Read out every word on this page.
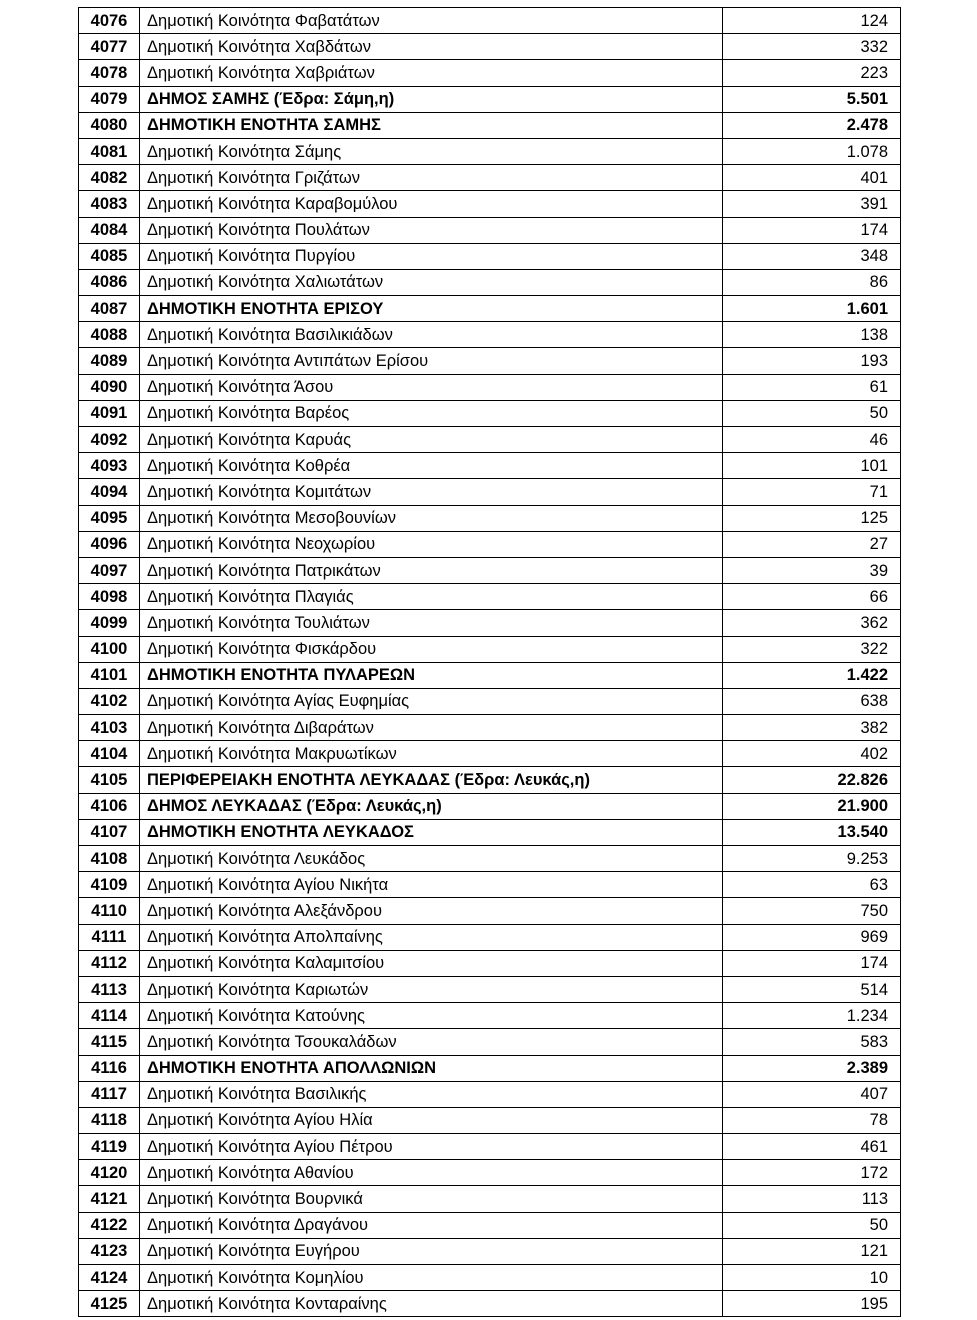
4076	Δημοτική Κοινότητα Φαβατάτων	124
4077	Δημοτική Κοινότητα Χαβδάτων	332
4078	Δημοτική Κοινότητα Χαβριάτων	223
4079	ΔΗΜΟΣ ΣΑΜΗΣ (Έδρα: Σάμη,η)	5.501
4080	ΔΗΜΟΤΙΚΗ ΕΝΟΤΗΤΑ ΣΑΜΗΣ	2.478
4081	Δημοτική Κοινότητα Σάμης	1.078
4082	Δημοτική Κοινότητα Γριζάτων	401
4083	Δημοτική Κοινότητα Καραβομύλου	391
4084	Δημοτική Κοινότητα Πουλάτων	174
4085	Δημοτική Κοινότητα Πυργίου	348
4086	Δημοτική Κοινότητα Χαλιωτάτων	86
4087	ΔΗΜΟΤΙΚΗ ΕΝΟΤΗΤΑ ΕΡΙΣΟΥ	1.601
4088	Δημοτική Κοινότητα Βασιλικιάδων	138
4089	Δημοτική Κοινότητα Αντιπάτων Ερίσου	193
4090	Δημοτική Κοινότητα Άσου	61
4091	Δημοτική Κοινότητα Βαρέος	50
4092	Δημοτική Κοινότητα Καρυάς	46
4093	Δημοτική Κοινότητα Κοθρέα	101
4094	Δημοτική Κοινότητα Κομιτάτων	71
4095	Δημοτική Κοινότητα Μεσοβουνίων	125
4096	Δημοτική Κοινότητα Νεοχωρίου	27
4097	Δημοτική Κοινότητα Πατρικάτων	39
4098	Δημοτική Κοινότητα Πλαγιάς	66
4099	Δημοτική Κοινότητα Τουλιάτων	362
4100	Δημοτική Κοινότητα Φισκάρδου	322
4101	ΔΗΜΟΤΙΚΗ ΕΝΟΤΗΤΑ ΠΥΛΑΡΕΩΝ	1.422
4102	Δημοτική Κοινότητα Αγίας Ευφημίας	638
4103	Δημοτική Κοινότητα Διβαράτων	382
4104	Δημοτική Κοινότητα Μακρυωτίκων	402
4105	ΠΕΡΙΦΕΡΕΙΑΚΗ ΕΝΟΤΗΤΑ ΛΕΥΚΑΔΑΣ (Έδρα: Λευκάς,η)	22.826
4106	ΔΗΜΟΣ ΛΕΥΚΑΔΑΣ (Έδρα: Λευκάς,η)	21.900
4107	ΔΗΜΟΤΙΚΗ ΕΝΟΤΗΤΑ ΛΕΥΚΑΔΟΣ	13.540
4108	Δημοτική Κοινότητα Λευκάδος	9.253
4109	Δημοτική Κοινότητα Αγίου Νικήτα	63
4110	Δημοτική Κοινότητα Αλεξάνδρου	750
4111	Δημοτική Κοινότητα Απολπαίνης	969
4112	Δημοτική Κοινότητα Καλαμιτσίου	174
4113	Δημοτική Κοινότητα Καριωτών	514
4114	Δημοτική Κοινότητα Κατούνης	1.234
4115	Δημοτική Κοινότητα Τσουκαλάδων	583
4116	ΔΗΜΟΤΙΚΗ ΕΝΟΤΗΤΑ ΑΠΟΛΛΩΝΙΩΝ	2.389
4117	Δημοτική Κοινότητα Βασιλικής	407
4118	Δημοτική Κοινότητα Αγίου Ηλία	78
4119	Δημοτική Κοινότητα Αγίου Πέτρου	461
4120	Δημοτική Κοινότητα Αθανίου	172
4121	Δημοτική Κοινότητα Βουρνικά	113
4122	Δημοτική Κοινότητα Δραγάνου	50
4123	Δημοτική Κοινότητα Ευγήρου	121
4124	Δημοτική Κοινότητα Κομηλίου	10
4125	Δημοτική Κοινότητα Κονταραίνης	195
